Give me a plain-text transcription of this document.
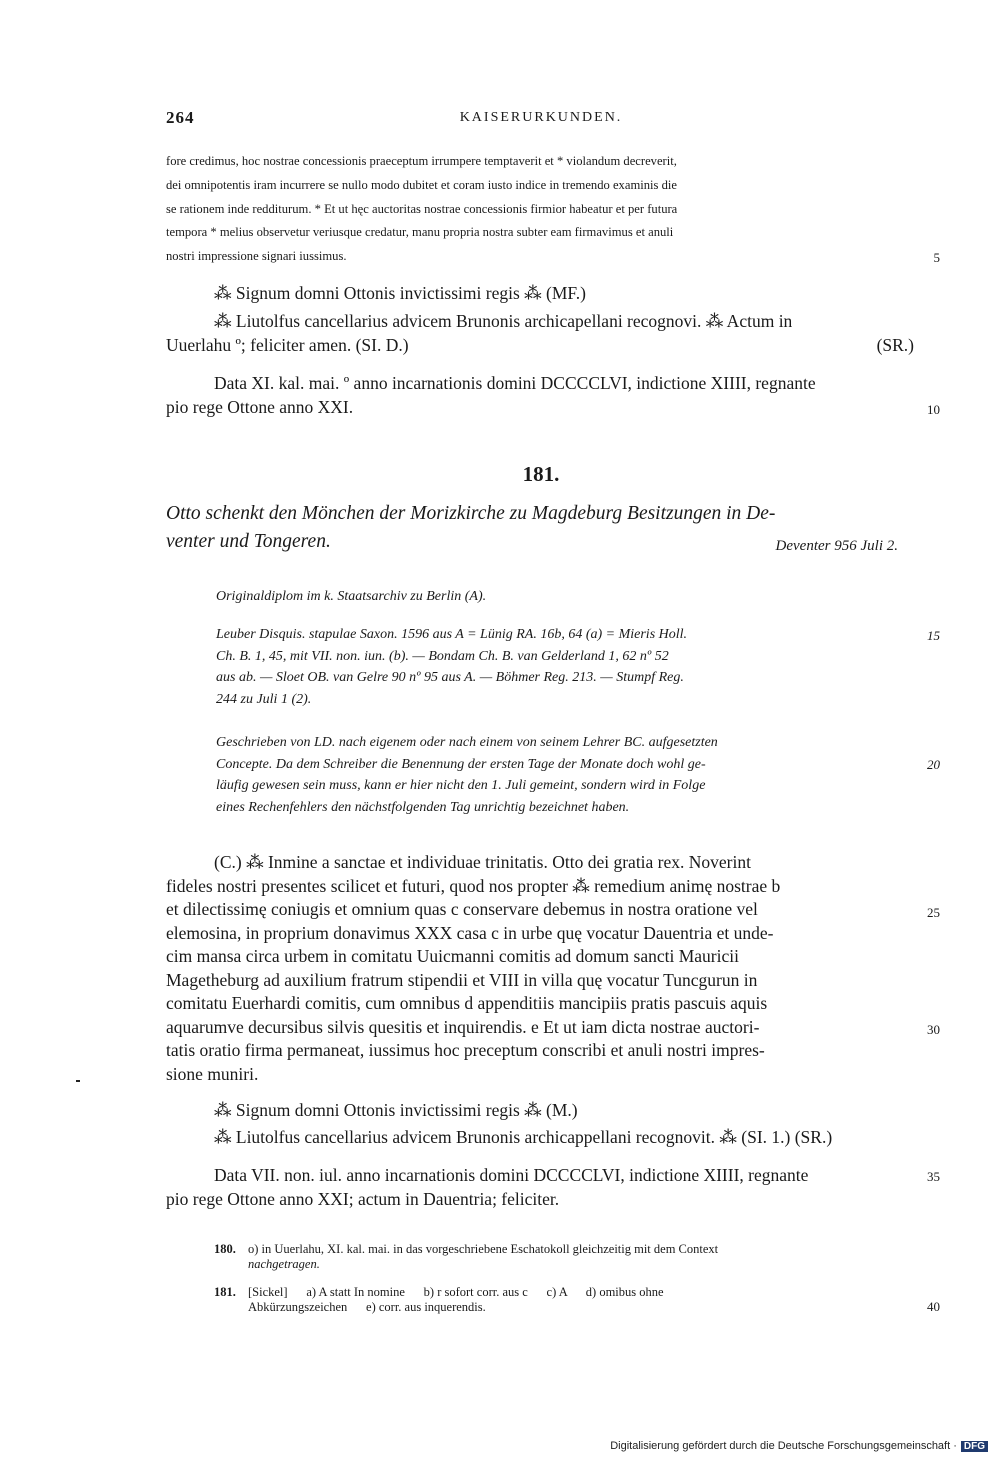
264	KAISERURKUNDEN.
fore credimus, hoc nostrae concessionis praeceptum irrumpere temptaverit et * violandum decreverit,
dei omnipotentis iram incurrere se nullo modo dubitet et coram iusto indice in tremendo examinis die
se rationem inde redditurum. * Et ut hęc auctoritas nostrae concessionis firmior habeatur et per futura
tempora * melius observetur veriusque credatur, manu propria nostra subter eam firmavimus et anuli
nostri impressione signari iussimus.	5
⁂ Signum domni Ottonis invictissimi regis ⁂ (MF.)
⁂ Liutolfus cancellarius advicem Brunonis archicapellani recognovi. ⁂ Actum in
Uuerlahu º; feliciter amen. (SI. D.)	(SR.)
Data XI. kal. mai. º anno incarnationis domini DCCCCLVI, indictione XIIII, regnante
pio rege Ottone anno XXI.	10
181.
Otto schenkt den Mönchen der Morizkirche zu Magdeburg Besitzungen in De-
venter und Tongeren.	Deventer 956 Juli 2.
Originaldiplom im k. Staatsarchiv zu Berlin (A).
Leuber Disquis. stapulae Saxon. 1596 aus A = Lünig RA. 16b, 64 (a) = Mieris Holl.
Ch. B. 1, 45, mit VII. non. iun. (b). — Bondam Ch. B. van Gelderland 1, 62 nº 52
aus ab. — Sloet OB. van Gelre 90 nº 95 aus A. — Böhmer Reg. 213. — Stumpf Reg.
244 zu Juli 1 (2).
15
Geschrieben von LD. nach eigenem oder nach einem von seinem Lehrer BC. aufgesetzten
Concepte. Da dem Schreiber die Benennung der ersten Tage der Monate doch wohl ge-
läufig gewesen sein muss, kann er hier nicht den 1. Juli gemeint, sondern wird in Folge
eines Rechenfehlers den nächstfolgenden Tag unrichtig bezeichnet haben.
20
(C.) ⁂ Inmine a sanctae et individuae trinitatis. Otto dei gratia rex. Noverint
fideles nostri presentes scilicet et futuri, quod nos propter ⁂ remedium animę nostrae b
et dilectissimę coniugis et omnium quas c conservare debemus in nostra oratione vel
elemosina, in proprium donavimus XXX casa c in urbe quę vocatur Dauentria et unde-
cim mansa circa urbem in comitatu Uuicmanni comitis ad domum sancti Mauricii
Magetheburg ad auxilium fratrum stipendii et VIII in villa quę vocatur Tuncgurun in
comitatu Euerhardi comitis, cum omnibus d appenditiis mancipiis pratis pascuis aquis
aquarumve decursibus silvis quesitis et inquirendis. e Et ut iam dicta nostrae auctori-
tatis oratio firma permaneat, iussimus hoc preceptum conscribi et anuli nostri impres-
sione muniri.
25
30
⁂ Signum domni Ottonis invictissimi regis ⁂ (M.)
⁂ Liutolfus cancellarius advicem Brunonis archicappellani recognovit. ⁂ (SI. 1.) (SR.)
Data VII. non. iul. anno incarnationis domini DCCCCLVI, indictione XIIII, regnante
pio rege Ottone anno XXI; actum in Dauentria; feliciter.
35
180. o) in Uuerlahu, XI. kal. mai. in das vorgeschriebene Eschatokoll gleichzeitig mit dem Context
nachgetragen.
181. [Sickel]      a) A statt In nomine      b) r sofort corr. aus c      c) A      d) omibus ohne
Abkürzungszeichen      e) corr. aus inquerendis.	40
Digitalisierung gefördert durch die Deutsche Forschungsgemeinschaft · DFG
